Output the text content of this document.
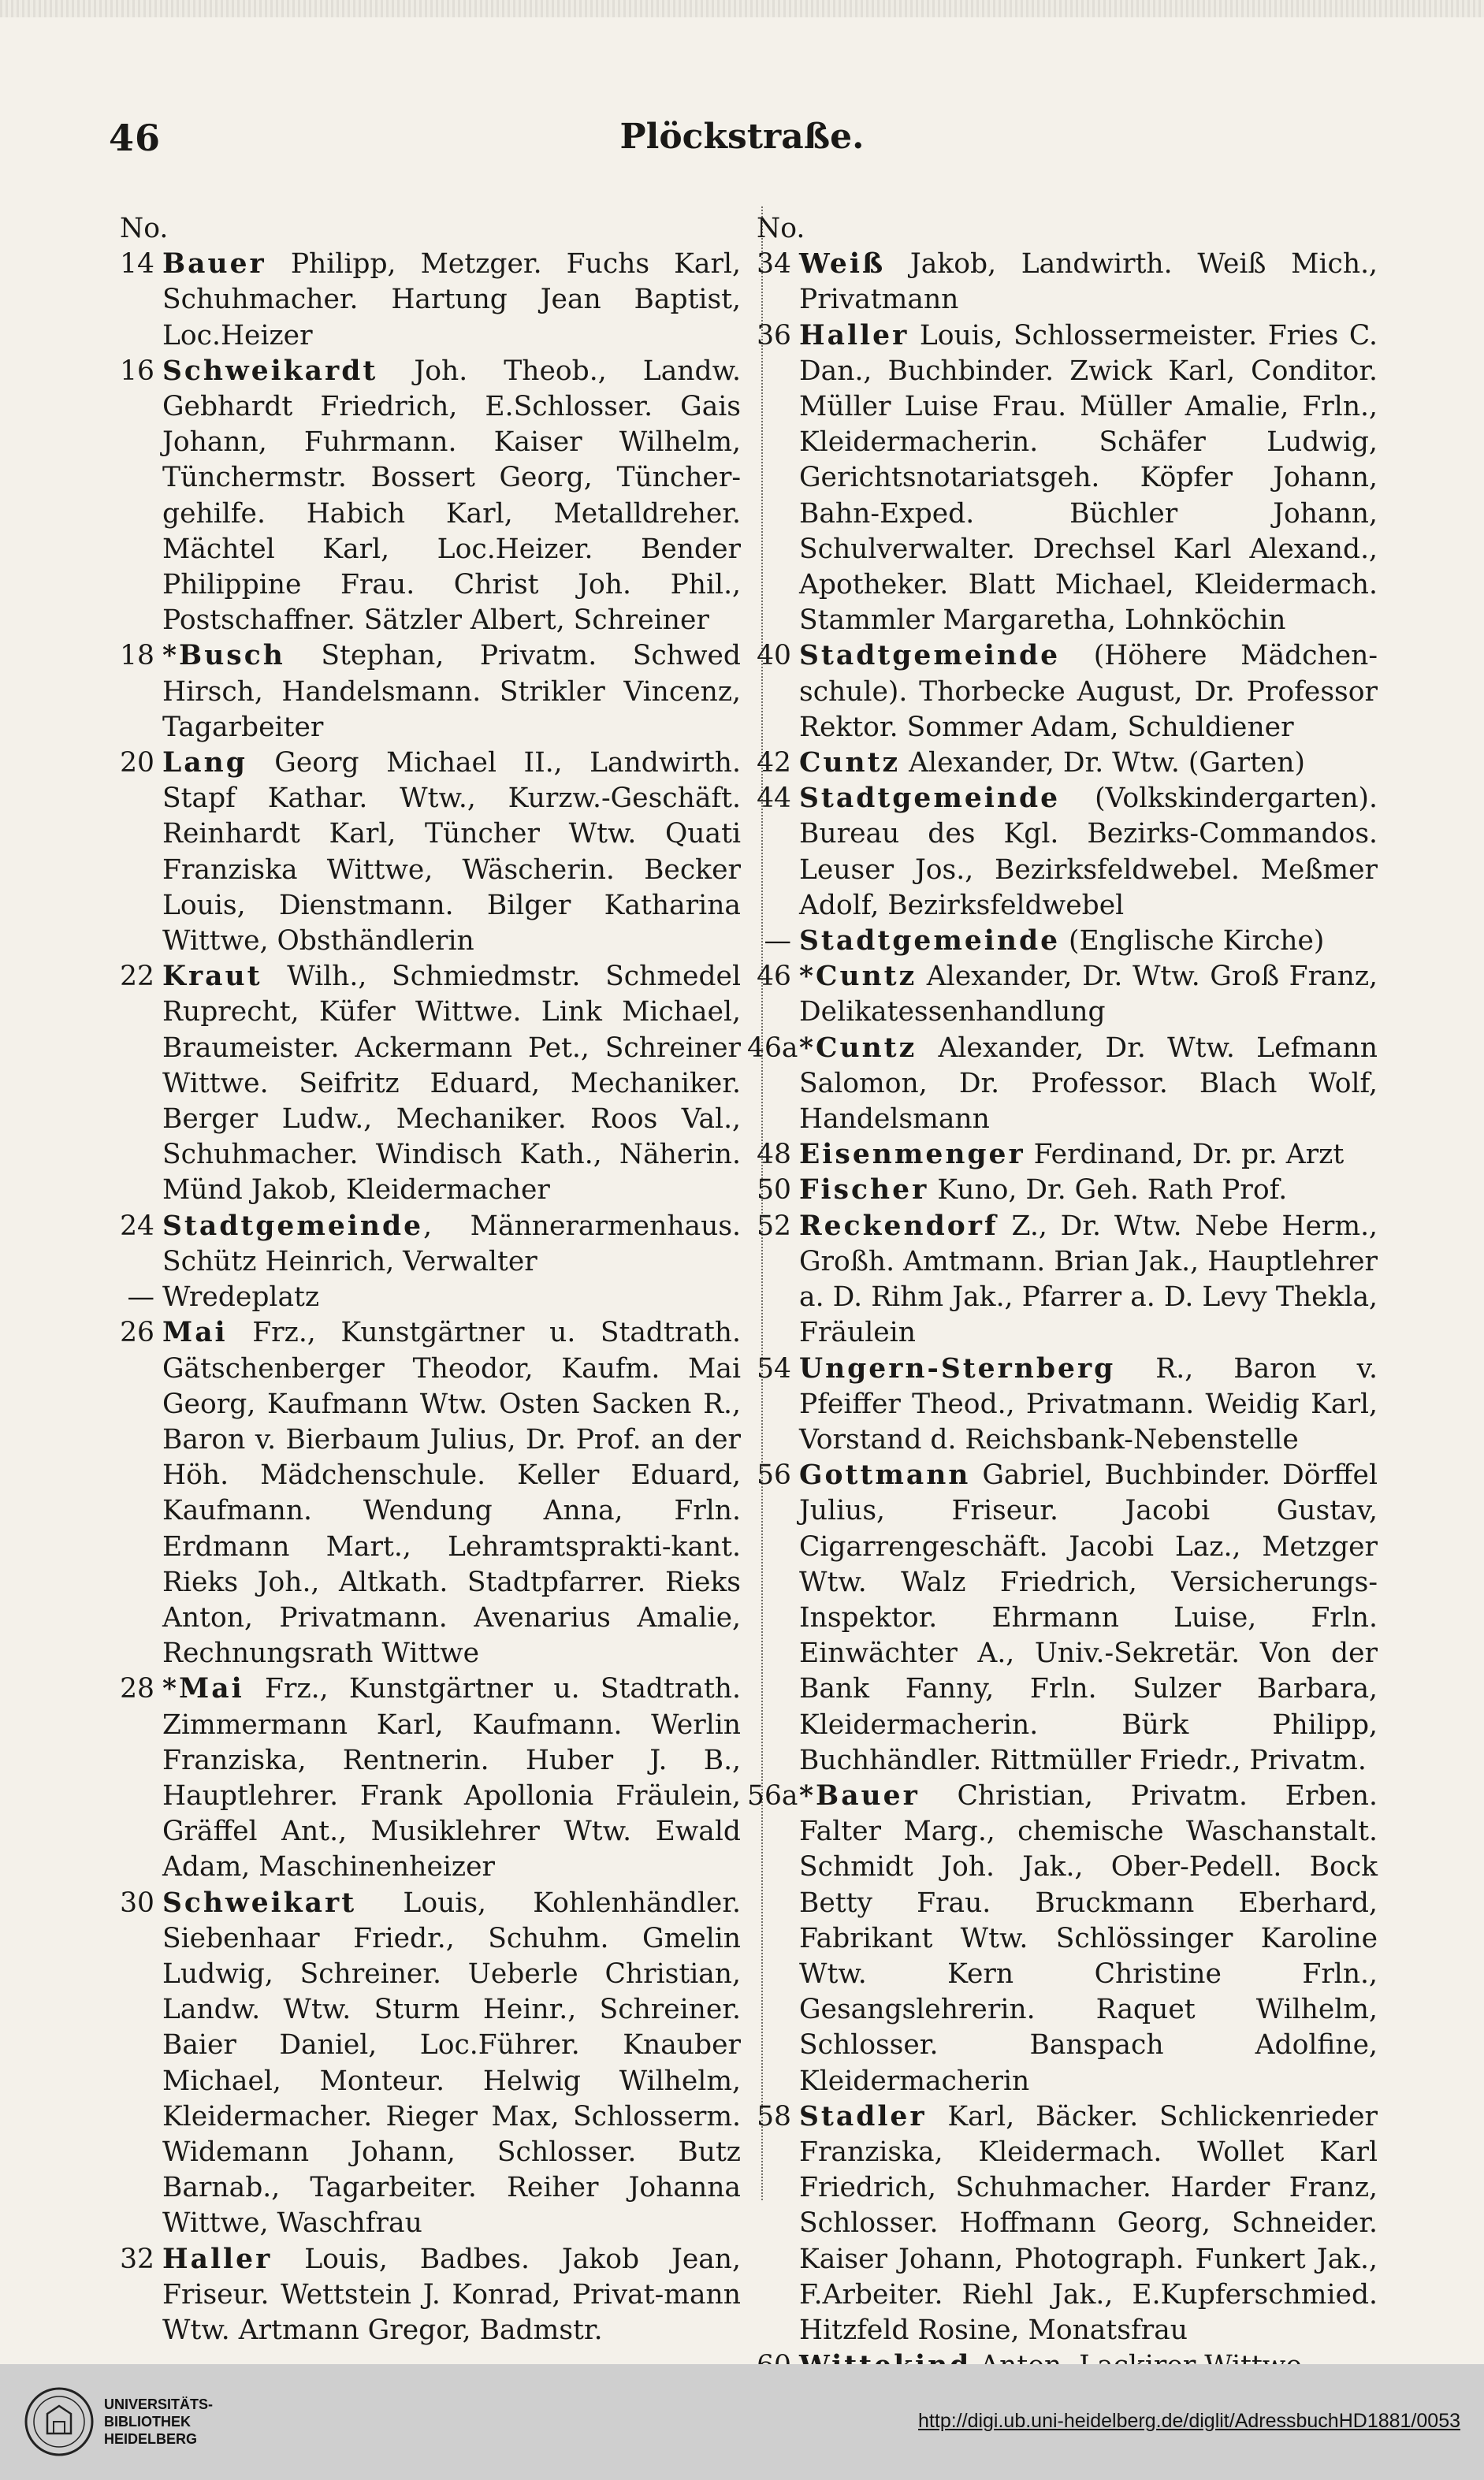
46	Plöckstraße.
No.
14 Bauer Philipp, Metzger. Fuchs Karl, Schuhmacher. Hartung Jean Baptist, Loc.Heizer
16 Schweikardt Joh. Theob., Landw. Gebhardt Friedrich, E.Schlosser. Gais Johann, Fuhrmann. Kaiser Wilhelm, Tünchermstr. Bossert Georg, Tüncher-gehilfe. Habich Karl, Metalldreher. Mächtel Karl, Loc.Heizer. Bender Philippine Frau. Christ Joh. Phil., Postschaffner. Sätzler Albert, Schreiner
18 *Busch Stephan, Privatm. Schwed Hirsch, Handelsmann. Strikler Vincenz, Tagarbeiter
20 Lang Georg Michael II., Landwirth. Stapf Kathar. Wtw., Kurzw.-Geschäft. Reinhardt Karl, Tüncher Wtw. Quati Franziska Wittwe, Wäscherin. Becker Louis, Dienstmann. Bilger Katharina Wittwe, Obsthändlerin
22 Kraut Wilh., Schmiedmstr. Schmedel Ruprecht, Küfer Wittwe. Link Michael, Braumeister. Ackermann Pet., Schreiner Wittwe. Seifritz Eduard, Mechaniker. Berger Ludw., Mechaniker. Roos Val., Schuhmacher. Windisch Kath., Näherin. Münd Jakob, Kleidermacher
24 Stadtgemeinde, Männerarmenhaus. Schütz Heinrich, Verwalter
— Wredeplatz
26 Mai Frz., Kunstgärtner u. Stadtrath. Gätschenberger Theodor, Kaufm. Mai Georg, Kaufmann Wtw. Osten Sacken R., Baron v. Bierbaum Julius, Dr. Prof. an der Höh. Mädchenschule. Keller Eduard, Kaufmann. Wendung Anna, Frln. Erdmann Mart., Lehramtsprakti-kant. Rieks Joh., Altkath. Stadtpfarrer. Rieks Anton, Privatmann. Avenarius Amalie, Rechnungsrath Wittwe
28 *Mai Frz., Kunstgärtner u. Stadtrath. Zimmermann Karl, Kaufmann. Werlin Franziska, Rentnerin. Huber J. B., Hauptlehrer. Frank Apollonia Fräulein, Gräffel Ant., Musiklehrer Wtw. Ewald Adam, Maschinenheizer
30 Schweikart Louis, Kohlenhändler. Siebenhaar Friedr., Schuhm. Gmelin Ludwig, Schreiner. Ueberle Christian, Landw. Wtw. Sturm Heinr., Schreiner. Baier Daniel, Loc.Führer. Knauber Michael, Monteur. Helwig Wilhelm, Kleidermacher. Rieger Max, Schlosserm. Widemann Johann, Schlosser. Butz Barnab., Tagarbeiter. Reiher Johanna Wittwe, Waschfrau
32 Haller Louis, Badbes. Jakob Jean, Friseur. Wettstein J. Konrad, Privat-mann Wtw. Artmann Gregor, Badmstr.
No.
34 Weiß Jakob, Landwirth. Weiß Mich., Privatmann
36 Haller Louis, Schlossermeister. Fries C. Dan., Buchbinder. Zwick Karl, Conditor. Müller Luise Frau. Müller Amalie, Frln., Kleidermacherin. Schäfer Ludwig, Gerichtsnotariatsgeh. Köpfer Johann, Bahn-Exped. Büchler Johann, Schulverwalter. Drechsel Karl Alexand., Apotheker. Blatt Michael, Kleidermach. Stammler Margaretha, Lohnköchin
40 Stadtgemeinde (Höhere Mädchen-schule). Thorbecke August, Dr. Professor Rektor. Sommer Adam, Schuldiener
42 Cuntz Alexander, Dr. Wtw. (Garten)
44 Stadtgemeinde (Volkskindergarten). Bureau des Kgl. Bezirks-Commandos. Leuser Jos., Bezirksfeldwebel. Meßmer Adolf, Bezirksfeldwebel
— Stadtgemeinde (Englische Kirche)
46 *Cuntz Alexander, Dr. Wtw. Groß Franz, Delikatessenhandlung
46a *Cuntz Alexander, Dr. Wtw. Lefmann Salomon, Dr. Professor. Blach Wolf, Handelsmann
48 Eisenmenger Ferdinand, Dr. pr. Arzt
50 Fischer Kuno, Dr. Geh. Rath Prof.
52 Reckendorf Z., Dr. Wtw. Nebe Herm., Großh. Amtmann. Brian Jak., Hauptlehrer a. D. Rihm Jak., Pfarrer a. D. Levy Thekla, Fräulein
54 Ungern-Sternberg R., Baron v. Pfeiffer Theod., Privatmann. Weidig Karl, Vorstand d. Reichsbank-Nebenstelle
56 Gottmann Gabriel, Buchbinder. Dörffel Julius, Friseur. Jacobi Gustav, Cigarrengeschäft. Jacobi Laz., Metzger Wtw. Walz Friedrich, Versicherungs-Inspektor. Ehrmann Luise, Frln. Einwächter A., Univ.-Sekretär. Von der Bank Fanny, Frln. Sulzer Barbara, Kleidermacherin. Bürk Philipp, Buchhändler. Rittmüller Friedr., Privatm.
56a *Bauer Christian, Privatm. Erben. Falter Marg., chemische Waschanstalt. Schmidt Joh. Jak., Ober-Pedell. Bock Betty Frau. Bruckmann Eberhard, Fabrikant Wtw. Schlössinger Karoline Wtw. Kern Christine Frln., Gesangslehrerin. Raquet Wilhelm, Schlosser. Banspach Adolfine, Kleidermacherin
58 Stadler Karl, Bäcker. Schlickenrieder Franziska, Kleidermach. Wollet Karl Friedrich, Schuhmacher. Harder Franz, Schlosser. Hoffmann Georg, Schneider. Kaiser Johann, Photograph. Funkert Jak., F.Arbeiter. Riehl Jak., E.Kupferschmied. Hitzfeld Rosine, Monatsfrau
UNIVERSITÄTS-
BIBLIOTHEK
HEIDELBERG
http://digi.ub.uni-heidelberg.de/diglit/AdressbuchHD1881/0053
